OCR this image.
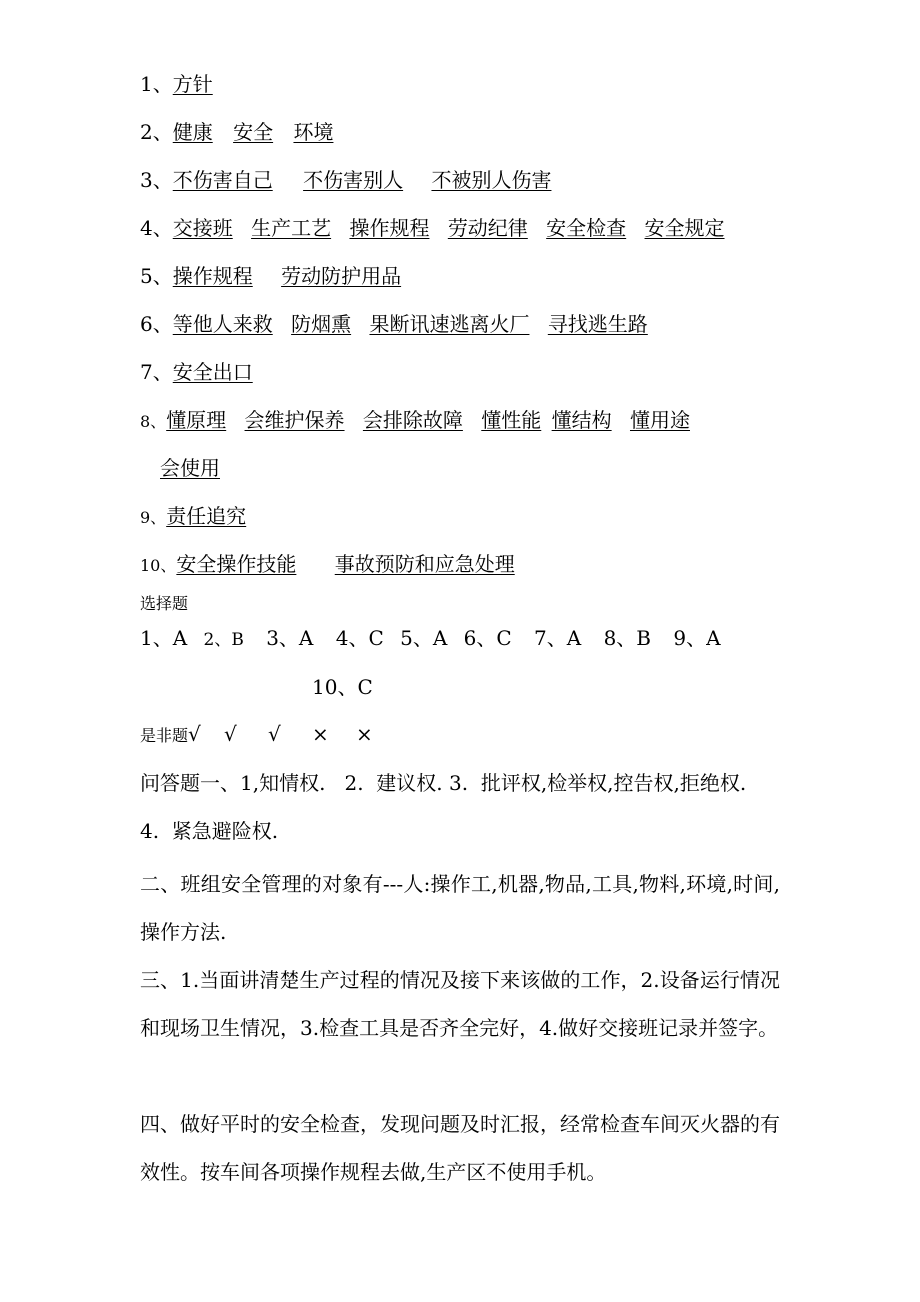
1、方针
2、健康 安全 环境
3、不伤害自己 不伤害别人 不被别人伤害
4、交接班 生产工艺 操作规程 劳动纪律 安全检查 安全规定
5、操作规程 劳动防护用品
6、等他人来救 防烟熏 果断讯速逃离火厂 寻找逃生路
7、安全出口
8、懂原理 会维护保养 会排除故障 懂性能 懂结构 懂用途
会使用
9、责任追究
10、安全操作技能 事故预防和应急处理
选择题
1、A 2、B 3、A 4、C 5、A 6、C 7、A 8、B 9、A
10、C
是非题√ √ √ × ×
问答题一、1,知情权.   2.  建议权. 3.  批评权,检举权,控告权,拒绝权.
4.  紧急避险权.
二、班组安全管理的对象有---人:操作工,机器,物品,工具,物料,环境,时间,操作方法.
三、1.当面讲清楚生产过程的情况及接下来该做的工作，2.设备运行情况和现场卫生情况，3.检查工具是否齐全完好，4.做好交接班记录并签字。
四、做好平时的安全检查，发现问题及时汇报，经常检查车间灭火器的有效性。按车间各项操作规程去做,生产区不使用手机。
